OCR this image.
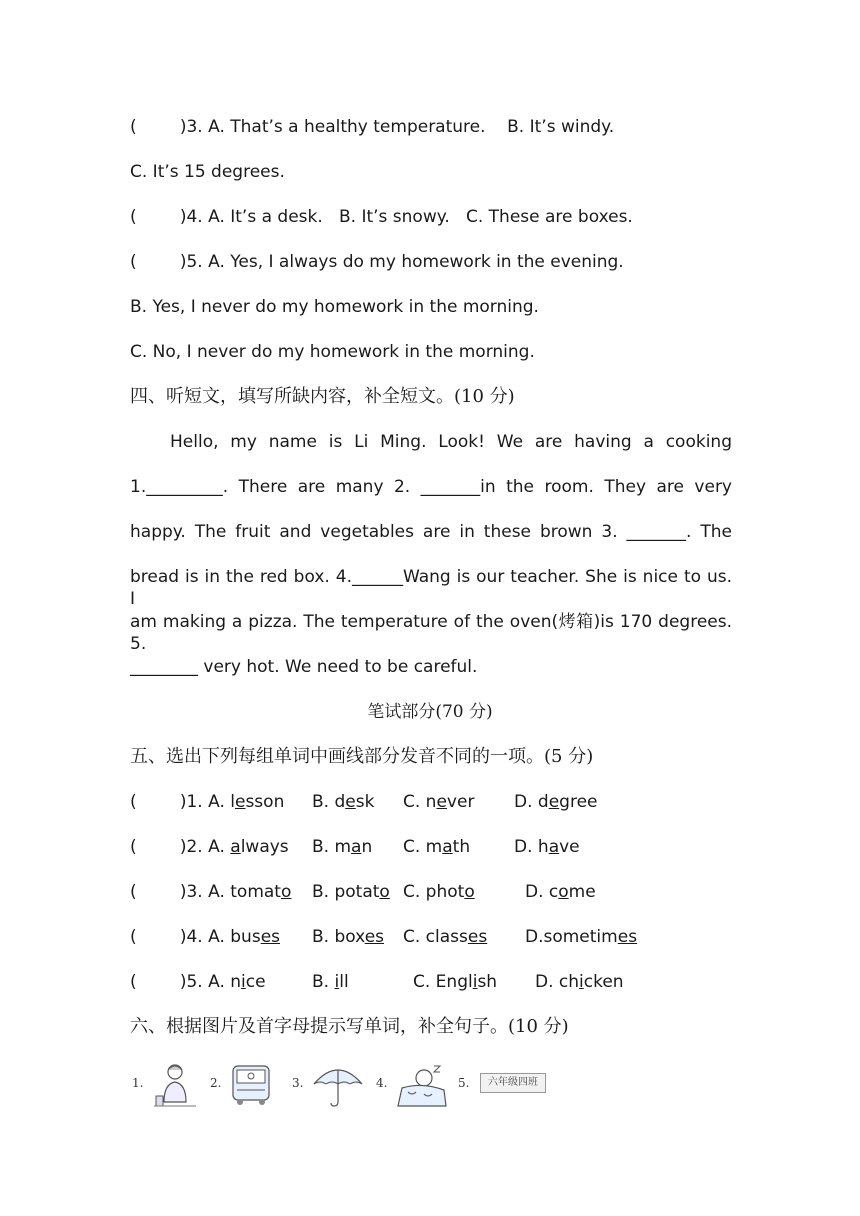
(        )3. A. That’s a healthy temperature.    B. It’s windy.
C. It’s 15 degrees.
(        )4. A. It’s a desk.   B. It’s snowy.   C. These are boxes.
(        )5. A. Yes, I always do my homework in the evening.
B. Yes, I never do my homework in the morning.
C. No, I never do my homework in the morning.
四、听短文，填写所缺内容，补全短文。(10 分)
Hello, my name is Li Ming. Look! We are having a cooking
1._________. There are many 2. _______in the room. They are very
happy. The fruit and vegetables are in these brown 3. _______. The
bread is in the red box. 4.______Wang is our teacher. She is nice to us. I
am making a pizza. The temperature of the oven(烤箱)is 170 degrees. 5.
________ very hot. We need to be careful.
笔试部分(70 分)
五、选出下列每组单词中画线部分发音不同的一项。(5 分)
(        )1. A. lesson B. desk C. never D. degree
(        )2. A. always B. man C. math	D. have
(        )3. A. tomato B. potato C. photo	D. come
(        )4. A. buses B. boxes C. classes D.sometimes
(        )5. A. nice	B. ill	C. English D. chicken
六、根据图片及首字母提示写单词，补全句子。(10 分)
1.	2.	3.	4.	5.	六年级四班
